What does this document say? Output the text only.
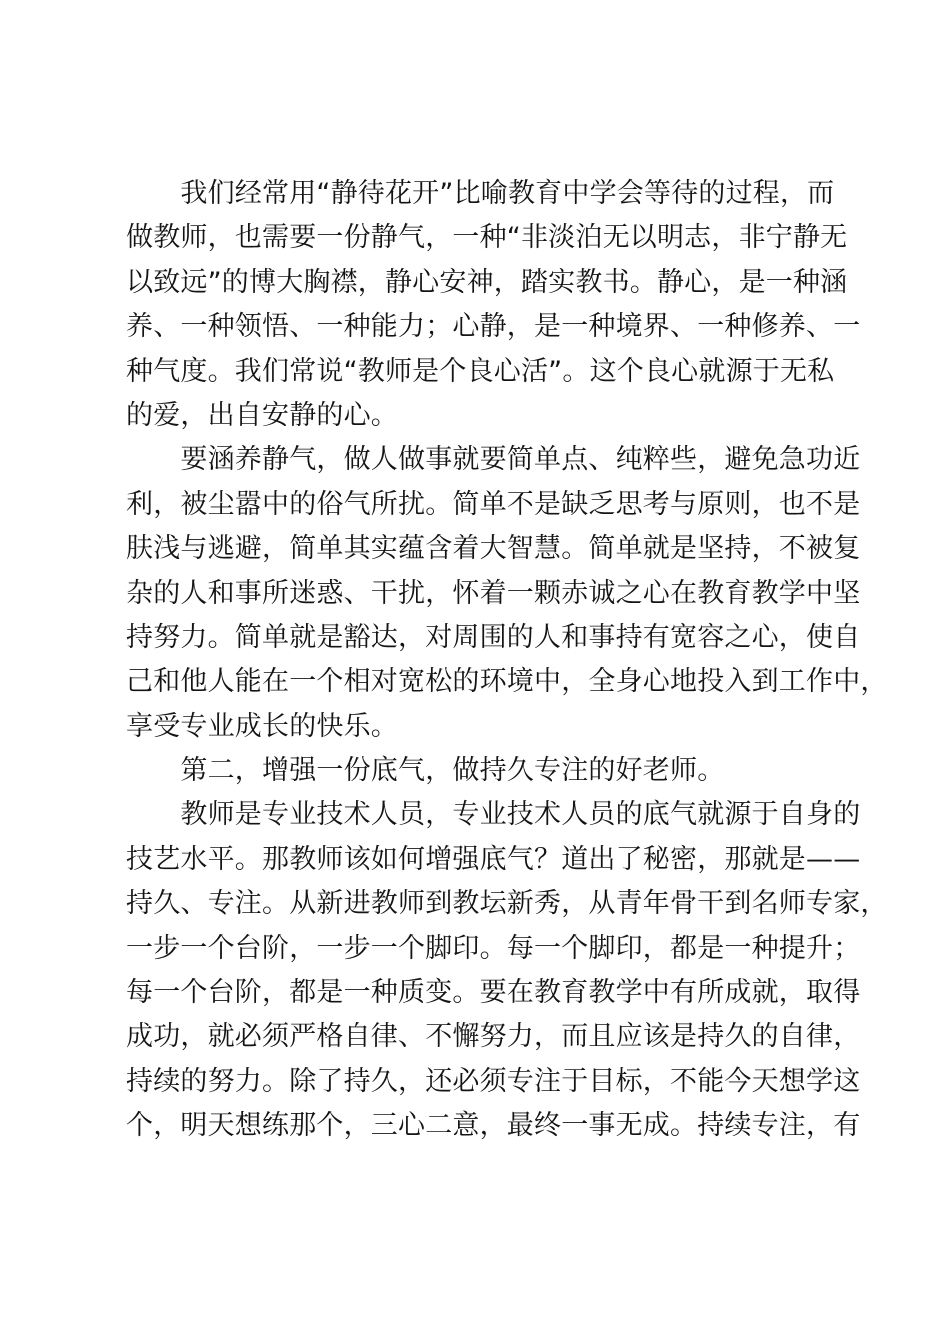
　　我们经常用“静待花开”比喻教育中学会等待的过程，而
做教师，也需要一份静气，一种“非淡泊无以明志，非宁静无
以致远”的博大胸襟，静心安神，踏实教书。静心，是一种涵
养、一种领悟、一种能力；心静，是一种境界、一种修养、一
种气度。我们常说“教师是个良心活”。这个良心就源于无私
的爱，出自安静的心。
　　要涵养静气，做人做事就要简单点、纯粹些，避免急功近
利，被尘嚣中的俗气所扰。简单不是缺乏思考与原则，也不是
肤浅与逃避，简单其实蕴含着大智慧。简单就是坚持，不被复
杂的人和事所迷惑、干扰，怀着一颗赤诚之心在教育教学中坚
持努力。简单就是豁达，对周围的人和事持有宽容之心，使自
己和他人能在一个相对宽松的环境中，全身心地投入到工作中，
享受专业成长的快乐。
　　第二，增强一份底气，做持久专注的好老师。
　　教师是专业技术人员，专业技术人员的底气就源于自身的
技艺水平。那教师该如何增强底气？道出了秘密，那就是——
持久、专注。从新进教师到教坛新秀，从青年骨干到名师专家，
一步一个台阶，一步一个脚印。每一个脚印，都是一种提升；
每一个台阶，都是一种质变。要在教育教学中有所成就，取得
成功，就必须严格自律、不懈努力，而且应该是持久的自律，
持续的努力。除了持久，还必须专注于目标，不能今天想学这
个，明天想练那个，三心二意，最终一事无成。持续专注，有
